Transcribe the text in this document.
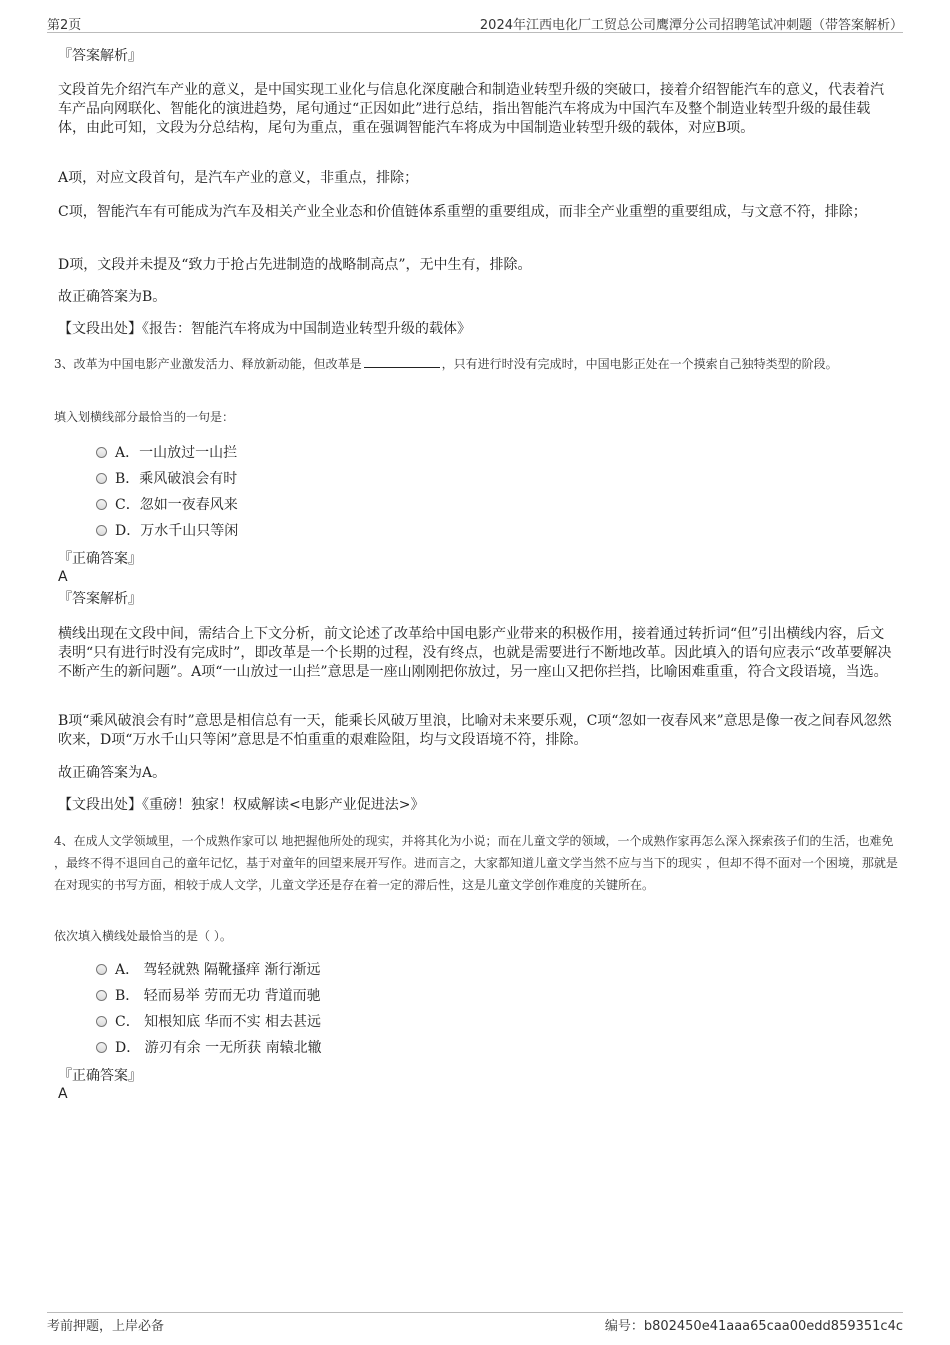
第2页	2024年江西电化厂工贸总公司鹰潭分公司招聘笔试冲刺题（带答案解析）
『答案解析』

文段首先介绍汽车产业的意义，是中国实现工业化与信息化深度融合和制造业转型升级的突破口，接着介绍智能汽车的意义，代表着汽车产品向网联化、智能化的演进趋势，尾句通过“正因如此”进行总结，指出智能汽车将成为中国汽车及整个制造业转型升级的最佳载体，由此可知，文段为分总结构，尾句为重点，重在强调智能汽车将成为中国制造业转型升级的载体，对应B项。

A项，对应文段首句，是汽车产业的意义，非重点，排除；

C项，智能汽车有可能成为汽车及相关产业全业态和价值链体系重塑的重要组成，而非全产业重塑的重要组成，与文意不符，排除；

D项，文段并未提及“致力于抢占先进制造的战略制高点”，无中生有，排除。

故正确答案为B。

【文段出处】《报告：智能汽车将成为中国制造业转型升级的载体》

3、改革为中国电影产业激发活力、释放新动能，但改革是	，只有进行时没有完成时，中国电影正处在一个摸索自己独特类型的阶段。

填入划横线部分最恰当的一句是：

A．一山放过一山拦
B．乘风破浪会有时
C．忽如一夜春风来
D．万水千山只等闲
『正确答案』
A
『答案解析』

横线出现在文段中间，需结合上下文分析，前文论述了改革给中国电影产业带来的积极作用，接着通过转折词“但”引出横线内容，后文表明“只有进行时没有完成时”，即改革是一个长期的过程，没有终点，也就是需要进行不断地改革。因此填入的语句应表示“改革要解决不断产生的新问题”。A项“一山放过一山拦”意思是一座山刚刚把你放过，另一座山又把你拦挡，比喻困难重重，符合文段语境，当选。

B项“乘风破浪会有时”意思是相信总有一天，能乘长风破万里浪，比喻对未来要乐观，C项“忽如一夜春风来”意思是像一夜之间春风忽然吹来，D项“万水千山只等闲”意思是不怕重重的艰难险阻，均与文段语境不符，排除。

故正确答案为A。

【文段出处】《重磅！独家！权威解读<电影产业促进法>》

4、在成人文学领域里，一个成熟作家可以 地把握他所处的现实，并将其化为小说；而在儿童文学的领域，一个成熟作家再怎么深入探索孩子们的生活，也难免 ，最终不得不退回自己的童年记忆，基于对童年的回望来展开写作。进而言之，大家都知道儿童文学当然不应与当下的现实 ，但却不得不面对一个困境，那就是在对现实的书写方面，相较于成人文学，儿童文学还是存在着一定的滞后性，这是儿童文学创作难度的关键所在。

依次填入横线处最恰当的是（ ）。

A． 驾轻就熟 隔靴搔痒 渐行渐远
B． 轻而易举 劳而无功 背道而驰
C． 知根知底 华而不实 相去甚远
D． 游刃有余 一无所获 南辕北辙
『正确答案』
A
考前押题，上岸必备	编号：b802450e41aaa65caa00edd859351c4c
